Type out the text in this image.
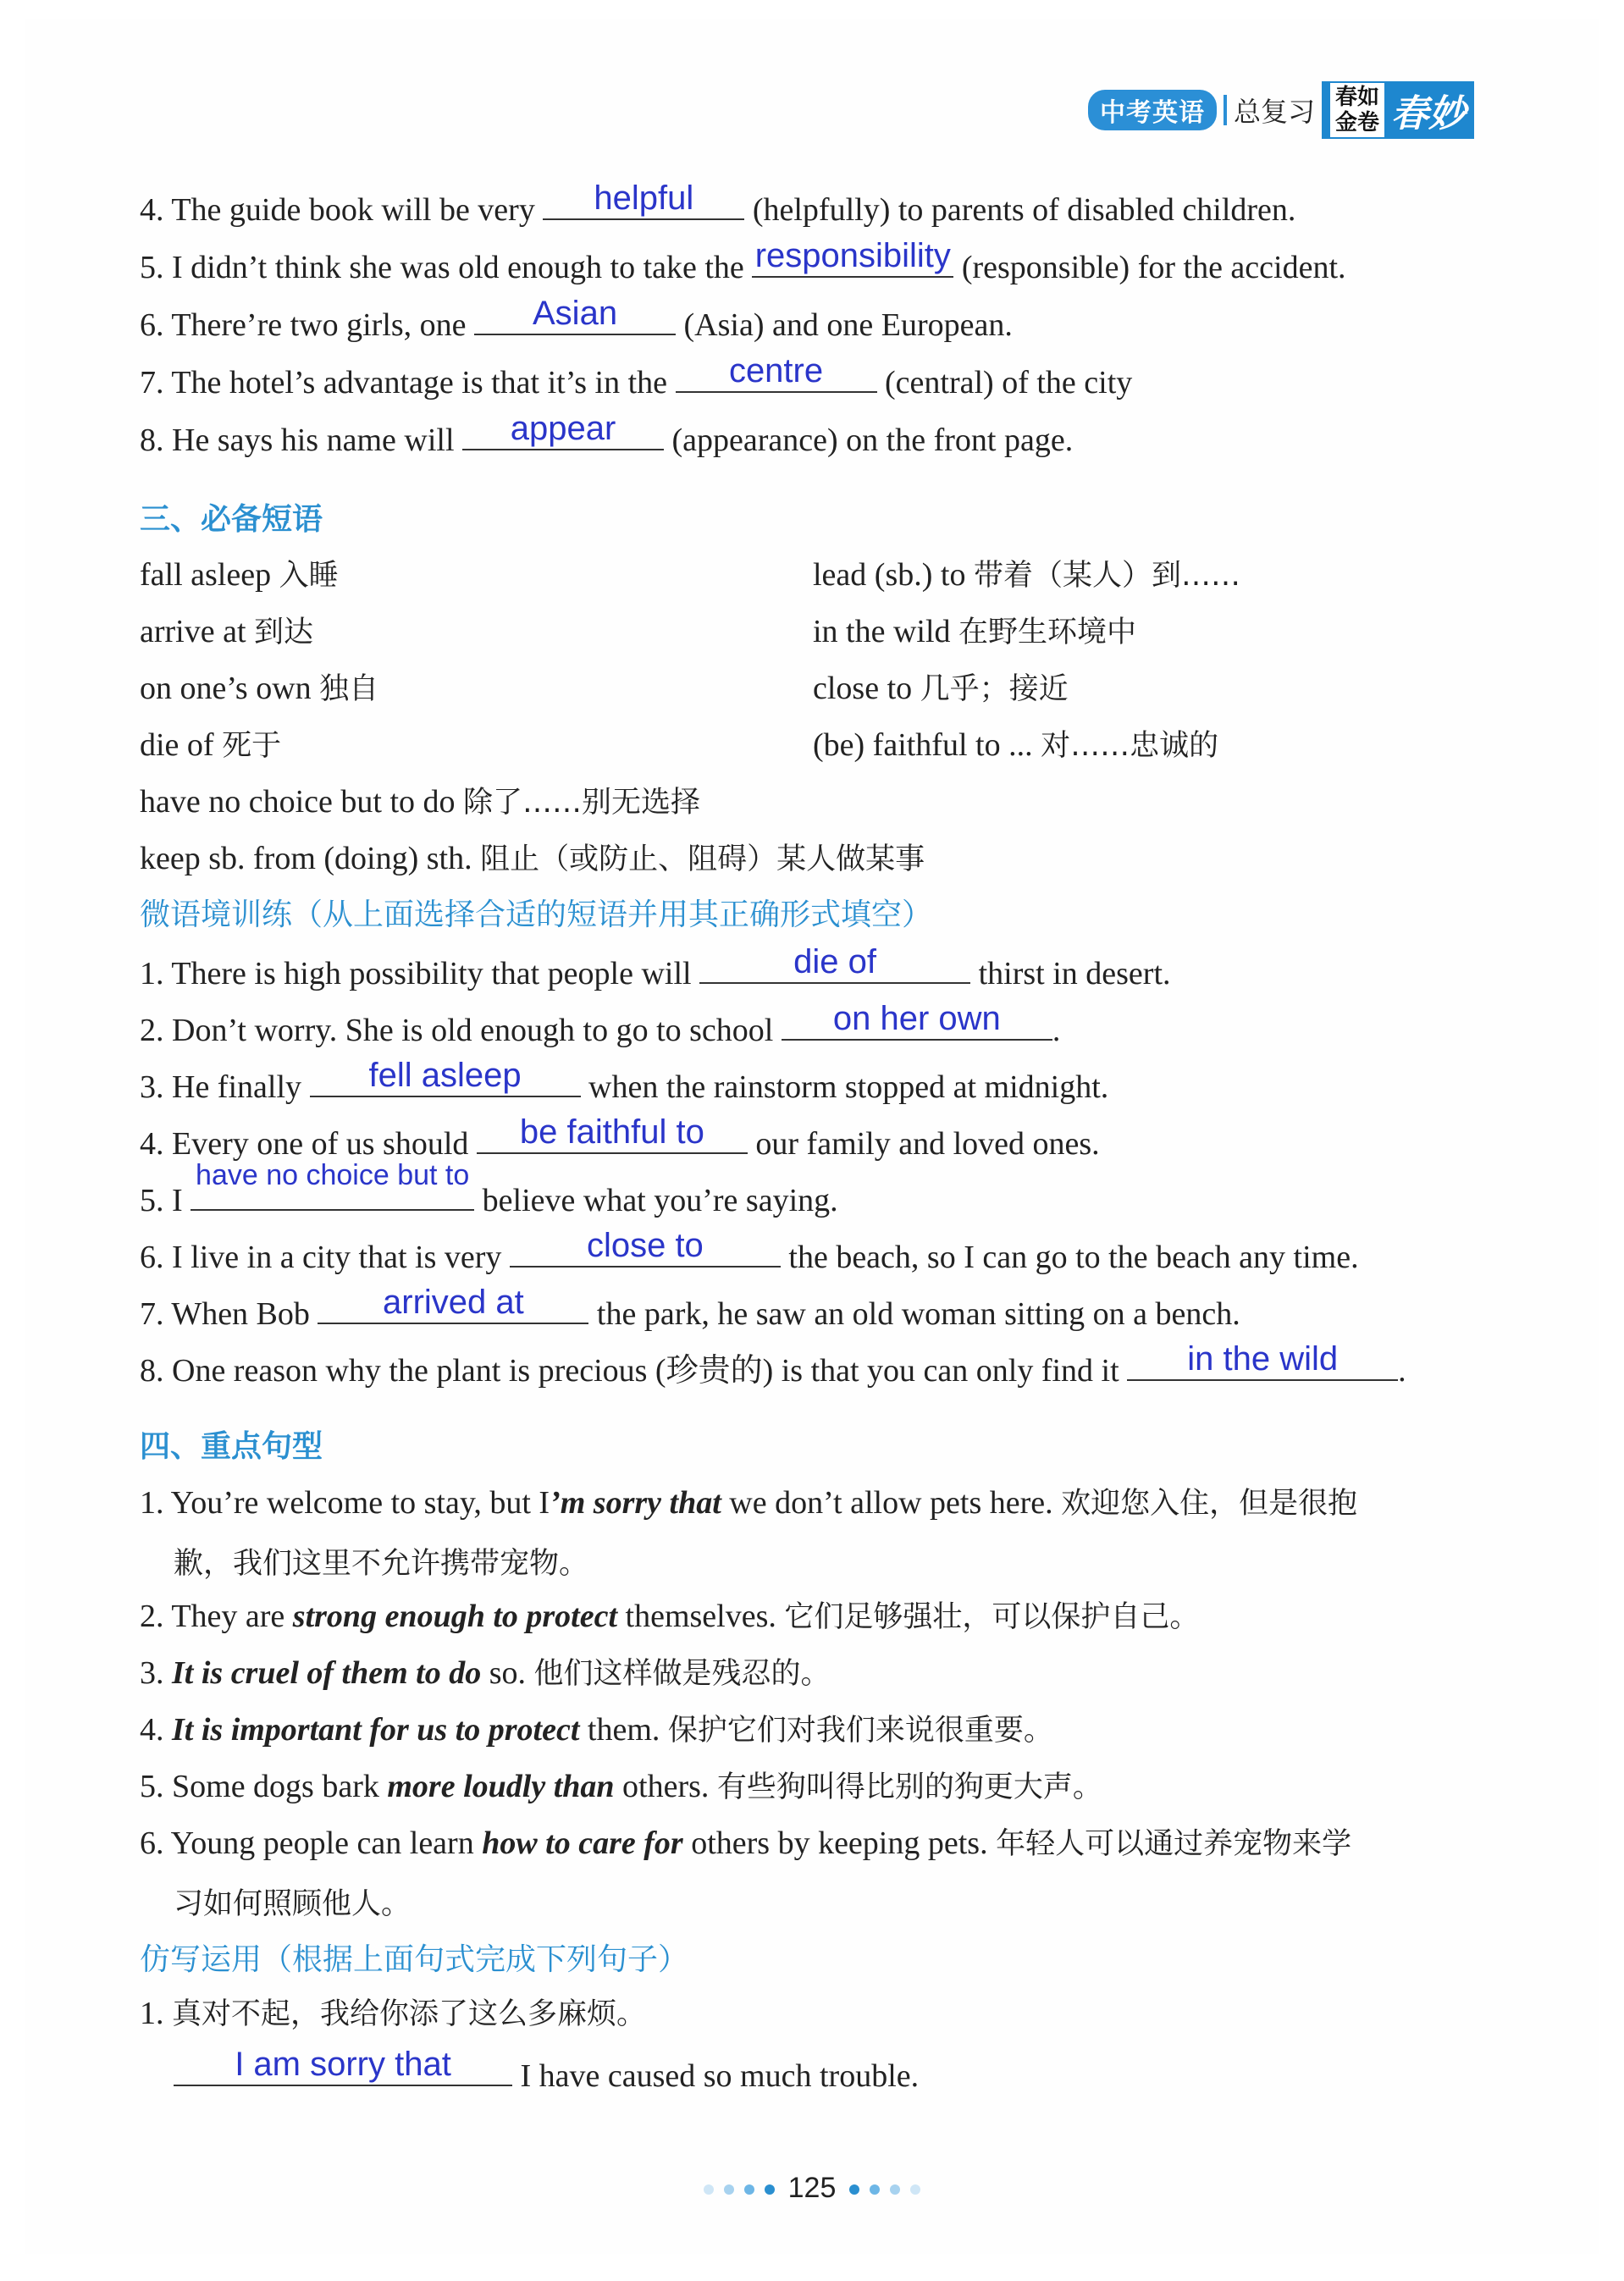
中考英语	总复习 春如
金卷 春妙
4. The guide book will be very	helpful	(helpfully) to parents of disabled children.
5. I didn’t think she was old enough to take the responsibility (responsible) for the accident.
6. There’re two girls, one	Asian	(Asia) and one European.
7. The hotel’s advantage is that it’s in the	centre	(central) of the city
8. He says his name will	appear	(appearance) on the front page.
三、必备短语
fall asleep 入睡
arrive at 到达
on one’s own 独自
die of 死于
have no choice but to do 除了……别无选择
keep sb. from (doing) sth. 阻止（或防止、阻碍）某人做某事
lead (sb.) to 带着（某人）到……
in the wild 在野生环境中
close to 几乎；接近
(be) faithful to ... 对……忠诚的
微语境训练（从上面选择合适的短语并用其正确形式填空）
1. There is high possibility that people will	die of	thirst in desert.
2. Don’t worry. She is old enough to go to school	on her own	.
3. He finally	fell asleep	when the rainstorm stopped at midnight.
4. Every one of us should	be faithful to	our family and loved ones.
5. I
have no choice but to
believe what you’re saying.
6. I live in a city that is very	close to	the beach, so I can go to the beach any time.
7. When Bob	arrived at	the park, he saw an old woman sitting on a bench.
8. One reason why the plant is precious (珍贵的) is that you can only find it	in the wild	.
四、重点句型
1. You’re welcome to stay, but I’m sorry that we don’t allow pets here. 欢迎您入住，但是很抱
歉，我们这里不允许携带宠物。
2. They are strong enough to protect themselves. 它们足够强壮，可以保护自己。
3. It is cruel of them to do so. 他们这样做是残忍的。
4. It is important for us to protect them. 保护它们对我们来说很重要。
5. Some dogs bark more loudly than others. 有些狗叫得比别的狗更大声。
6. Young people can learn how to care for others by keeping pets. 年轻人可以通过养宠物来学
习如何照顾他人。
仿写运用（根据上面句式完成下列句子）
1. 真对不起，我给你添了这么多麻烦。
I am sorry that	I have caused so much trouble.
125
